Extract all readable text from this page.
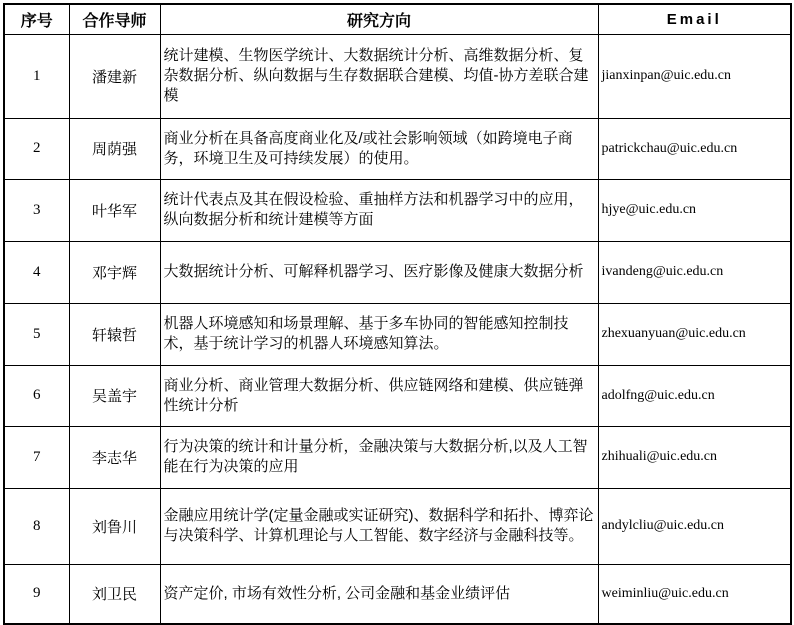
序号	合作导师	研究方向	Email
1	潘建新	统计建模、生物医学统计、大数据统计分析、高维数据分析、复杂数据分析、纵向数据与生存数据联合建模、均值-协方差联合建模	jianxinpan@uic.edu.cn
2	周荫强	商业分析在具备高度商业化及/或社会影响领域（如跨境电子商务，环境卫生及可持续发展）的使用。	patrickchau@uic.edu.cn
3	叶华军	统计代表点及其在假设检验、重抽样方法和机器学习中的应用，纵向数据分析和统计建模等方面	hjye@uic.edu.cn
4	邓宇辉	大数据统计分析、可解释机器学习、医疗影像及健康大数据分析	ivandeng@uic.edu.cn
5	轩辕哲	机器人环境感知和场景理解、基于多车协同的智能感知控制技术，基于统计学习的机器人环境感知算法。	zhexuanyuan@uic.edu.cn
6	吴盖宇	商业分析、商业管理大数据分析、供应链网络和建模、供应链弹性统计分析	adolfng@uic.edu.cn
7	李志华	行为决策的统计和计量分析，金融决策与大数据分析,以及人工智能在行为决策的应用	zhihuali@uic.edu.cn
8	刘鲁川	金融应用统计学(定量金融或实证研究)、数据科学和拓扑、博弈论与决策科学、计算机理论与人工智能、数字经济与金融科技等。	andylcliu@uic.edu.cn
9	刘卫民	资产定价, 市场有效性分析, 公司金融和基金业绩评估	weiminliu@uic.edu.cn
